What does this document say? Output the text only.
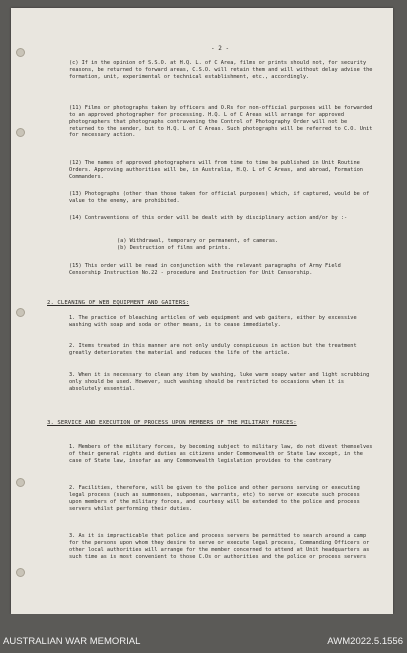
- 2 -

(c) If in the opinion of S.S.O. at H.Q. L. of C Area, films or prints should not, for security reasons, be returned to forward areas, C.S.O. will retain them and will without delay advise the formation, unit, experimental or technical establishment, etc., accordingly.

(11) Films or photographs taken by officers and O.Rs for non-official purposes will be forwarded to an approved photographer for processing. H.Q. L of C Areas will arrange for approved photographers that photographs contravening the Control of Photography Order will not be returned to the sender, but to H.Q. L of C Areas. Such photographs will be referred to C.O. Unit for necessary action.

(12) The names of approved photographers will from time to time be published in Unit Routine Orders. Approving authorities will be, in Australia, H.Q. L of C Areas, and abroad, Formation Commanders.

(13) Photographs (other than those taken for official purposes) which, if captured, would be of value to the enemy, are prohibited.

(14) Contraventions of this order will be dealt with by disciplinary action and/or by :-

(a) Withdrawal, temporary or permanent, of cameras.
(b) Destruction of films and prints.

(15) This order will be read in conjunction with the relevant paragraphs of Army Field Censorship Instruction No.22 - procedure and Instruction for Unit Censorship.

2. CLEANING OF WEB EQUIPMENT AND GAITERS:

1. The practice of bleaching articles of web equipment and web gaiters, either by excessive washing with soap and soda or other means, is to cease immediately.

2. Items treated in this manner are not only unduly conspicuous in action but the treatment greatly deteriorates the material and reduces the life of the article.

3. When it is necessary to clean any item by washing, luke warm soapy water and light scrubbing only should be used. However, such washing should be restricted to occasions when it is absolutely essential.

3. SERVICE AND EXECUTION OF PROCESS UPON MEMBERS OF THE MILITARY FORCES:

1. Members of the military forces, by becoming subject to military law, do not divest themselves of their general rights and duties as citizens under Commonwealth or State law except, in the case of State law, insofar as any Commonwealth legislation provides to the contrary

2. Facilities, therefore, will be given to the police and other persons serving or executing legal process (such as summonses, subpoenas, warrants, etc) to serve or execute such process upon members of the military forces, and courtesy will be extended to the police and process servers whilst performing their duties.

3. As it is impracticable that police and process servers be permitted to search around a camp for the persons upon whom they desire to serve or execute legal process, Commanding Officers or other local authorities will arrange for the member concerned to attend at Unit headquarters as such time as is most convenient to those C.Os or authorities and the police or process servers

AUSTRALIAN WAR MEMORIAL	AWM2022.5.1556
